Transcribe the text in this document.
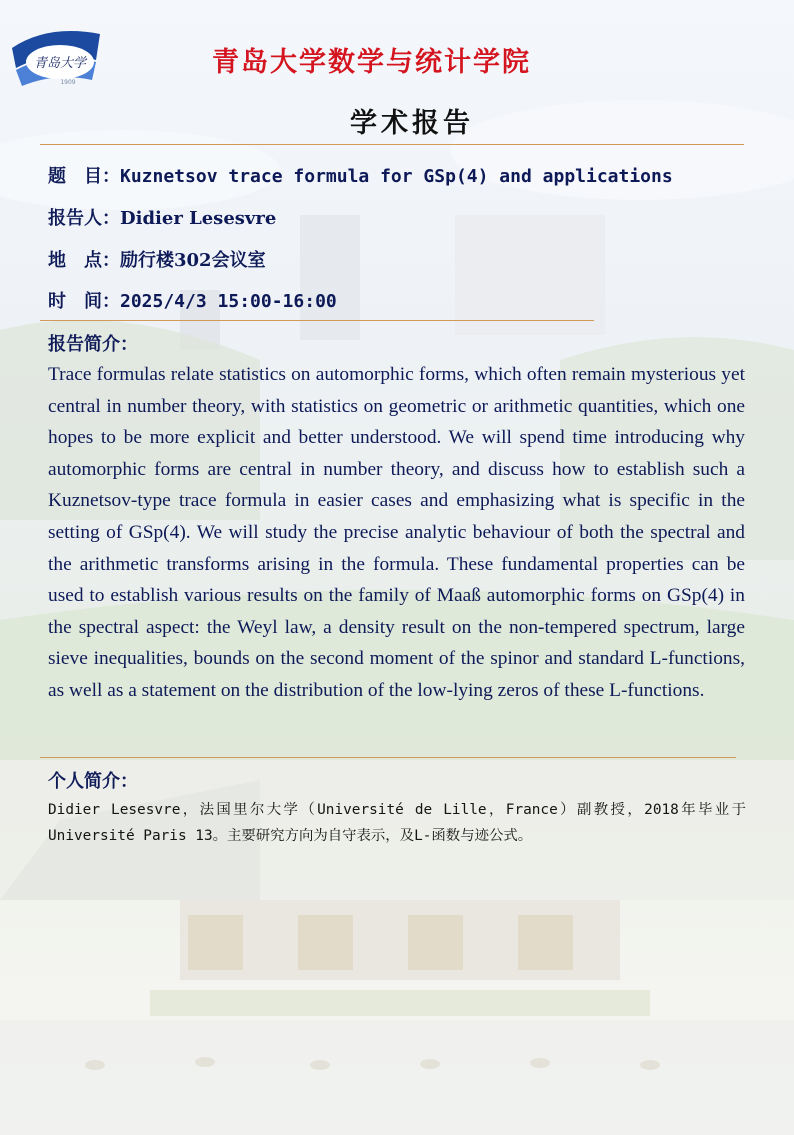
青岛大学
1909
青岛大学数学与统计学院
学术报告
题　目：Kuznetsov trace formula for GSp(4) and applications
报告人：Didier Lesesvre
地　点：励行楼302会议室
时　间：2025/4/3 15:00-16:00
报告简介：

Trace formulas relate statistics on automorphic forms, which often remain mysterious yet central in number theory, with statistics on geometric or arithmetic quantities, which one hopes to be more explicit and better understood. We will spend time introducing why automorphic forms are central in number theory, and discuss how to establish such a Kuznetsov-type trace formula in easier cases and emphasizing what is specific in the setting of GSp(4). We will study the precise analytic behaviour of both the spectral and the arithmetic transforms arising in the formula. These fundamental properties can be used to establish various results on the family of Maaß automorphic forms on GSp(4) in the spectral aspect: the Weyl law, a density result on the non-tempered spectrum, large sieve inequalities, bounds on the second moment of the spinor and standard L-functions, as well as a statement on the distribution of the low-lying zeros of these L-functions.

个人简介：

Didier Lesesvre，法国里尔大学（Université de Lille，France）副教授，2018年毕业于 Université Paris 13。主要研究方向为自守表示，及L-函数与迹公式。
